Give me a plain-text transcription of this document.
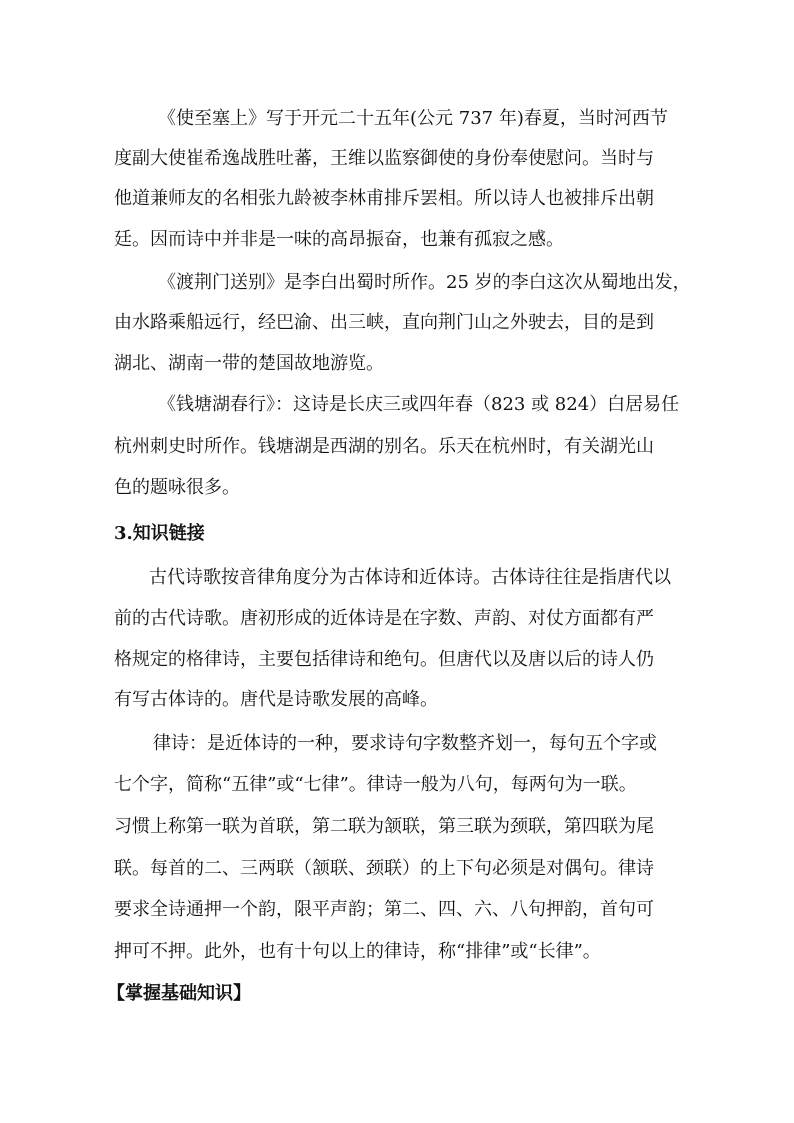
《使至塞上》写于开元二十五年(公元 737 年)春夏，当时河西节
度副大使崔希逸战胜吐蕃，王维以监察御使的身份奉使慰问。当时与
他道兼师友的名相张九龄被李林甫排斥罢相。所以诗人也被排斥出朝
廷。因而诗中并非是一味的高昂振奋，也兼有孤寂之感。
《渡荆门送别》是李白出蜀时所作。25 岁的李白这次从蜀地出发，
由水路乘船远行，经巴渝、出三峡，直向荆门山之外驶去，目的是到
湖北、湖南一带的楚国故地游览。
《钱塘湖春行》：这诗是长庆三或四年春（823 或 824）白居易任
杭州刺史时所作。钱塘湖是西湖的别名。乐天在杭州时，有关湖光山
色的题咏很多。
3.知识链接
古代诗歌按音律角度分为古体诗和近体诗。古体诗往往是指唐代以
前的古代诗歌。唐初形成的近体诗是在字数、声韵、对仗方面都有严
格规定的格律诗，主要包括律诗和绝句。但唐代以及唐以后的诗人仍
有写古体诗的。唐代是诗歌发展的高峰。
律诗：是近体诗的一种，要求诗句字数整齐划一，每句五个字或
七个字，简称“五律”或“七律”。律诗一般为八句，每两句为一联。
习惯上称第一联为首联，第二联为颔联，第三联为颈联，第四联为尾
联。每首的二、三两联（颔联、颈联）的上下句必须是对偶句。律诗
要求全诗通押一个韵，限平声韵；第二、四、六、八句押韵，首句可
押可不押。此外，也有十句以上的律诗，称“排律”或“长律”。
【掌握基础知识】
